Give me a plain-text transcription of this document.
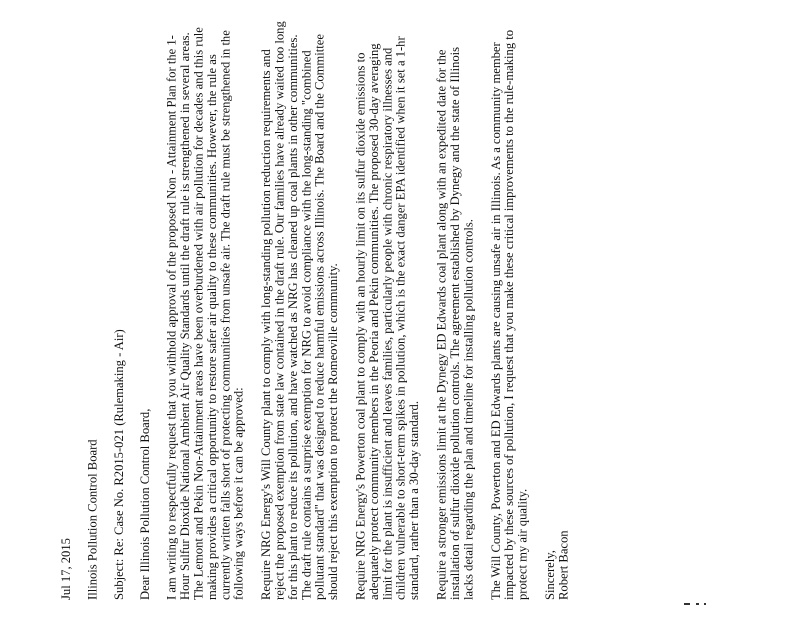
Jul 17, 2015 Illinois Pollution Control Board Subject: Re: Case No. R2015-021 (Rulemaking - Air) Dear Illinois Pollution Control Board, I am writing to respectfully request that you withhold approval of the proposed Non - Attainment Plan for the 1-Hour Sulfur Dioxide National Ambient Air Quality Standards until the draft rule is strengthened in several areas. The Lemont and Pekin Non-Attainment areas have been overburdened with air pollution for decades and this rule making provides a critical opportunity to restore safer air quality to these communities. However, the rule as currently written falls short of protecting communities from unsafe air. The draft rule must be strengthened in the following ways before it can be approved: Require NRG Energy's Will County plant to comply with long-standing pollution reduction requirements and reject the proposed exemption from state law contained in the draft rule. Our families have already waited too long for this plant to reduce its pollution, and have watched as NRG has cleaned up coal plants in other communities. The draft rule contains a surprise exemption for NRG to avoid compliance with the long-standing "combined pollutant standard" that was designed to reduce harmful emissions across Illinois. The Board and the Committee should reject this exemption to protect the Romeoville community. Require NRG Energy's Powerton coal plant to comply with an hourly limit on its sulfur dioxide emissions to adequately protect community members in the Peoria and Pekin communities. The proposed 30-day averaging limit for the plant is insufficient and leaves families, particularly people with chronic respiratory illnesses and children vulnerable to short-term spikes in pollution, which is the exact danger EPA identified when it set a 1-hr standard, rather than a 30-day standard. Require a stronger emissions limit at the Dynegy ED Edwards coal plant along with an expedited date for the installation of sulfur dioxide pollution controls. The agreement established by Dynegy and the state of Illinois lacks detail regarding the plan and timeline for installing pollution controls. The Will County, Powerton and ED Edwards plants are causing unsafe air in Illinois. As a community member impacted by these sources of pollution, I request that you make these critical improvements to the rule-making to protect my air quality. Sincerely, Robert Bacon
